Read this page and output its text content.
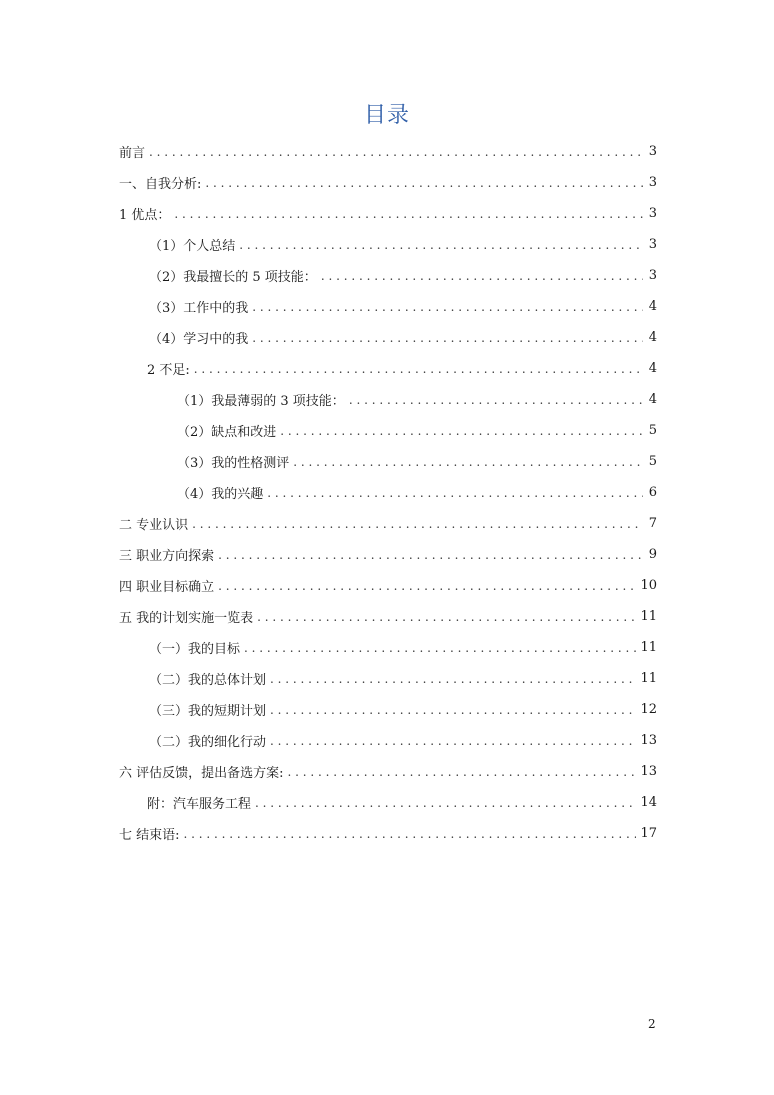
目录
前言 . . .	3
一、自我分析: . . .	3
1 优点： . . .	3
（1）个人总结 . . .	3
（2）我最擅长的 5 项技能： . . .	3
（3）工作中的我 . . .	4
（4）学习中的我 . . .	4
2 不足: . . .	4
（1）我最薄弱的 3 项技能： . . .	4
（2）缺点和改进 . . .	5
（3）我的性格测评 . . .	5
（4）我的兴趣 . . .	6
二 专业认识 . . .	7
三 职业方向探索 . . .	9
四 职业目标确立 . . .	10
五 我的计划实施一览表 . . .	11
（一）我的目标 . . .	11
（二）我的总体计划 . . .	11
（三）我的短期计划 . . .	12
（二）我的细化行动 . . .	13
六 评估反馈，提出备选方案: . . .	13
附：汽车服务工程 . . .	14
七 结束语: . . .	17
2
